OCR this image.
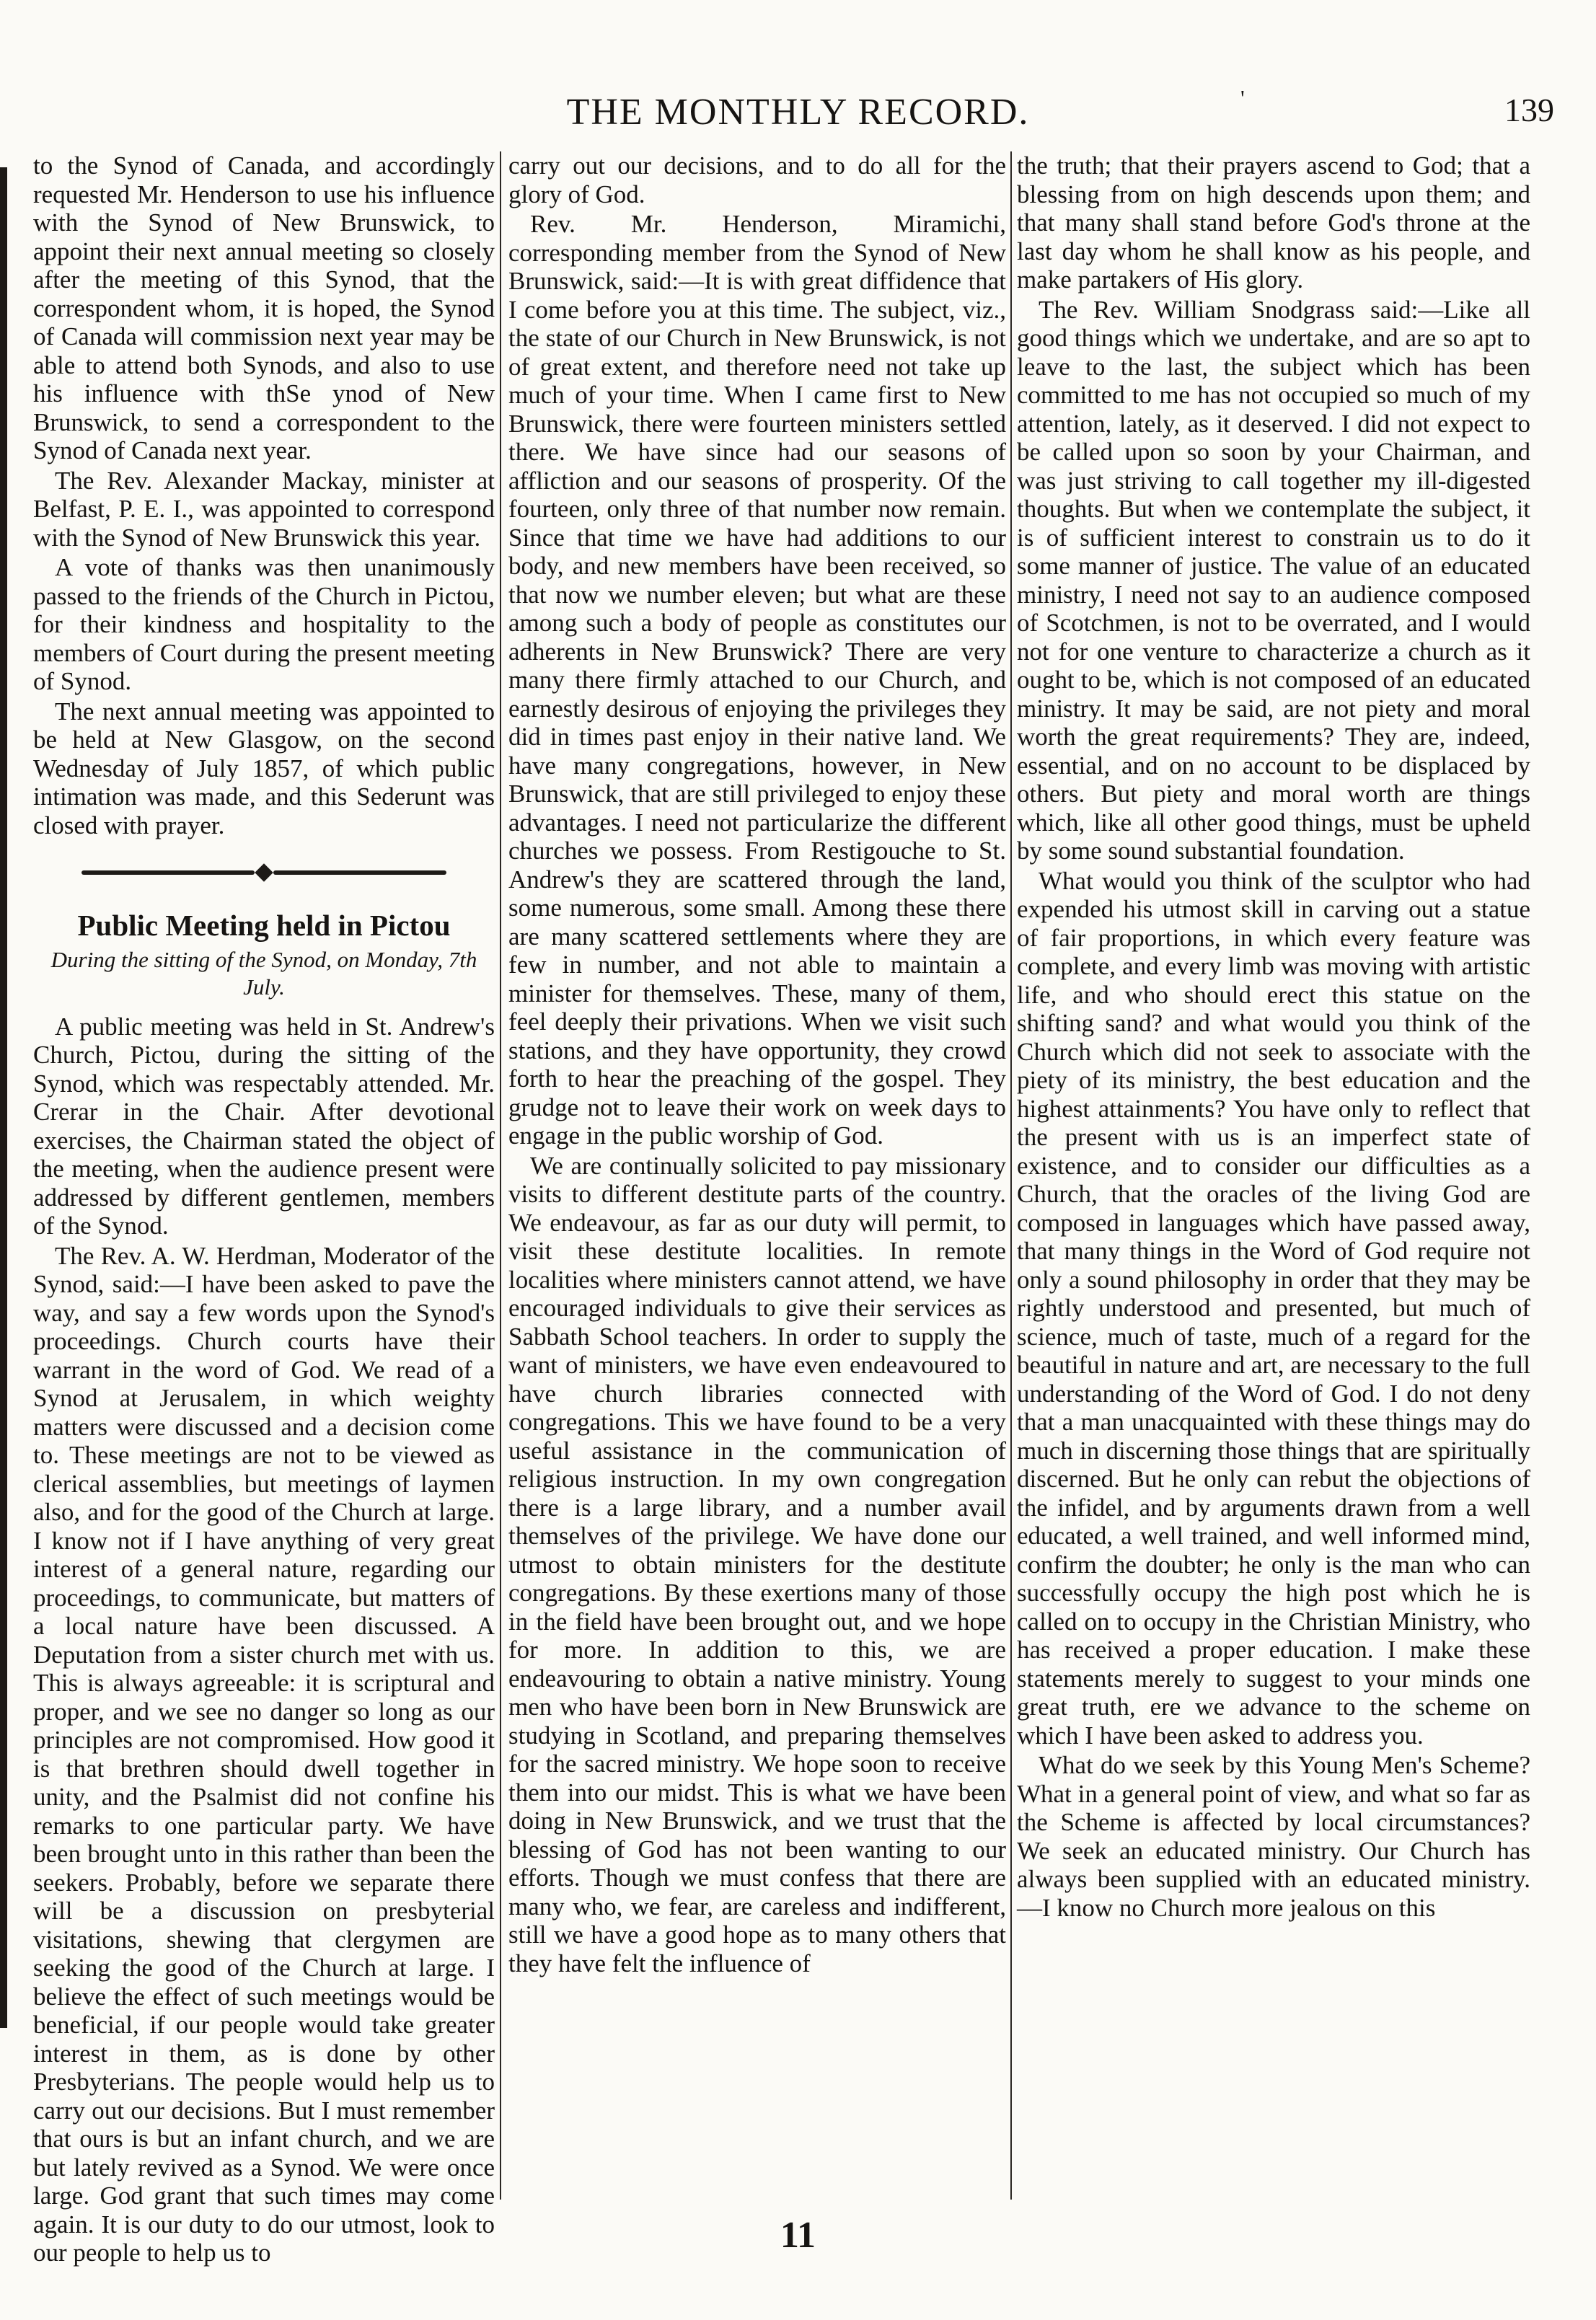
THE MONTHLY RECORD.	'	139

to the Synod of Canada, and accordingly requested Mr. Henderson to use his influence with the Synod of New Brunswick, to appoint their next annual meeting so closely after the meeting of this Synod, that the correspondent whom, it is hoped, the Synod of Canada will commission next year may be able to attend both Synods, and also to use his influence with thSe ynod of New Brunswick, to send a correspondent to the Synod of Canada next year.

The Rev. Alexander Mackay, minister at Belfast, P. E. I., was appointed to correspond with the Synod of New Brunswick this year.

A vote of thanks was then unanimously passed to the friends of the Church in Pictou, for their kindness and hospitality to the members of Court during the present meeting of Synod.

The next annual meeting was appointed to be held at New Glasgow, on the second Wednesday of July 1857, of which public intimation was made, and this Sederunt was closed with prayer.

Public Meeting held in Pictou
During the sitting of the Synod, on Monday, 7th July.

A public meeting was held in St. Andrew's Church, Pictou, during the sitting of the Synod, which was respectably attended. Mr. Crerar in the Chair. After devotional exercises, the Chairman stated the object of the meeting, when the audience present were addressed by different gentlemen, members of the Synod.

The Rev. A. W. Herdman, Moderator of the Synod, said:—I have been asked to pave the way, and say a few words upon the Synod's proceedings. Church courts have their warrant in the word of God. We read of a Synod at Jerusalem, in which weighty matters were discussed and a decision come to. These meetings are not to be viewed as clerical assemblies, but meetings of laymen also, and for the good of the Church at large. I know not if I have anything of very great interest of a general nature, regarding our proceedings, to communicate, but matters of a local nature have been discussed. A Deputation from a sister church met with us. This is always agreeable: it is scriptural and proper, and we see no danger so long as our principles are not compromised. How good it is that brethren should dwell together in unity, and the Psalmist did not confine his remarks to one particular party. We have been brought unto in this rather than been the seekers. Probably, before we separate there will be a discussion on presbyterial visitations, shewing that clergymen are seeking the good of the Church at large. I believe the effect of such meetings would be beneficial, if our people would take greater interest in them, as is done by other Presbyterians. The people would help us to carry out our decisions. But I must remember that ours is but an infant church, and we are but lately revived as a Synod. We were once large. God grant that such times may come again. It is our duty to do our utmost, look to our people to help us to

carry out our decisions, and to do all for the glory of God.

Rev. Mr. Henderson, Miramichi, corresponding member from the Synod of New Brunswick, said:—It is with great diffidence that I come before you at this time. The subject, viz., the state of our Church in New Brunswick, is not of great extent, and therefore need not take up much of your time. When I came first to New Brunswick, there were fourteen ministers settled there. We have since had our seasons of affliction and our seasons of prosperity. Of the fourteen, only three of that number now remain. Since that time we have had additions to our body, and new members have been received, so that now we number eleven; but what are these among such a body of people as constitutes our adherents in New Brunswick? There are very many there firmly attached to our Church, and earnestly desirous of enjoying the privileges they did in times past enjoy in their native land. We have many congregations, however, in New Brunswick, that are still privileged to enjoy these advantages. I need not particularize the different churches we possess. From Restigouche to St. Andrew's they are scattered through the land, some numerous, some small. Among these there are many scattered settlements where they are few in number, and not able to maintain a minister for themselves. These, many of them, feel deeply their privations. When we visit such stations, and they have opportunity, they crowd forth to hear the preaching of the gospel. They grudge not to leave their work on week days to engage in the public worship of God.

We are continually solicited to pay missionary visits to different destitute parts of the country. We endeavour, as far as our duty will permit, to visit these destitute localities. In remote localities where ministers cannot attend, we have encouraged individuals to give their services as Sabbath School teachers. In order to supply the want of ministers, we have even endeavoured to have church libraries connected with congregations. This we have found to be a very useful assistance in the communication of religious instruction. In my own congregation there is a large library, and a number avail themselves of the privilege. We have done our utmost to obtain ministers for the destitute congregations. By these exertions many of those in the field have been brought out, and we hope for more. In addition to this, we are endeavouring to obtain a native ministry. Young men who have been born in New Brunswick are studying in Scotland, and preparing themselves for the sacred ministry. We hope soon to receive them into our midst. This is what we have been doing in New Brunswick, and we trust that the blessing of God has not been wanting to our efforts. Though we must confess that there are many who, we fear, are careless and indifferent, still we have a good hope as to many others that they have felt the influence of

the truth; that their prayers ascend to God; that a blessing from on high descends upon them; and that many shall stand before God's throne at the last day whom he shall know as his people, and make partakers of His glory.

The Rev. William Snodgrass said:—Like all good things which we undertake, and are so apt to leave to the last, the subject which has been committed to me has not occupied so much of my attention, lately, as it deserved. I did not expect to be called upon so soon by your Chairman, and was just striving to call together my ill-digested thoughts. But when we contemplate the subject, it is of sufficient interest to constrain us to do it some manner of justice. The value of an educated ministry, I need not say to an audience composed of Scotchmen, is not to be overrated, and I would not for one venture to characterize a church as it ought to be, which is not composed of an educated ministry. It may be said, are not piety and moral worth the great requirements? They are, indeed, essential, and on no account to be displaced by others. But piety and moral worth are things which, like all other good things, must be upheld by some sound substantial foundation.

What would you think of the sculptor who had expended his utmost skill in carving out a statue of fair proportions, in which every feature was complete, and every limb was moving with artistic life, and who should erect this statue on the shifting sand? and what would you think of the Church which did not seek to associate with the piety of its ministry, the best education and the highest attainments? You have only to reflect that the present with us is an imperfect state of existence, and to consider our difficulties as a Church, that the oracles of the living God are composed in languages which have passed away, that many things in the Word of God require not only a sound philosophy in order that they may be rightly understood and presented, but much of science, much of taste, much of a regard for the beautiful in nature and art, are necessary to the full understanding of the Word of God. I do not deny that a man unacquainted with these things may do much in discerning those things that are spiritually discerned. But he only can rebut the objections of the infidel, and by arguments drawn from a well educated, a well trained, and well informed mind, confirm the doubter; he only is the man who can successfully occupy the high post which he is called on to occupy in the Christian Ministry, who has received a proper education. I make these statements merely to suggest to your minds one great truth, ere we advance to the scheme on which I have been asked to address you.

What do we seek by this Young Men's Scheme? What in a general point of view, and what so far as the Scheme is affected by local circumstances? We seek an educated ministry. Our Church has always been supplied with an educated ministry.—I know no Church more jealous on this

11
